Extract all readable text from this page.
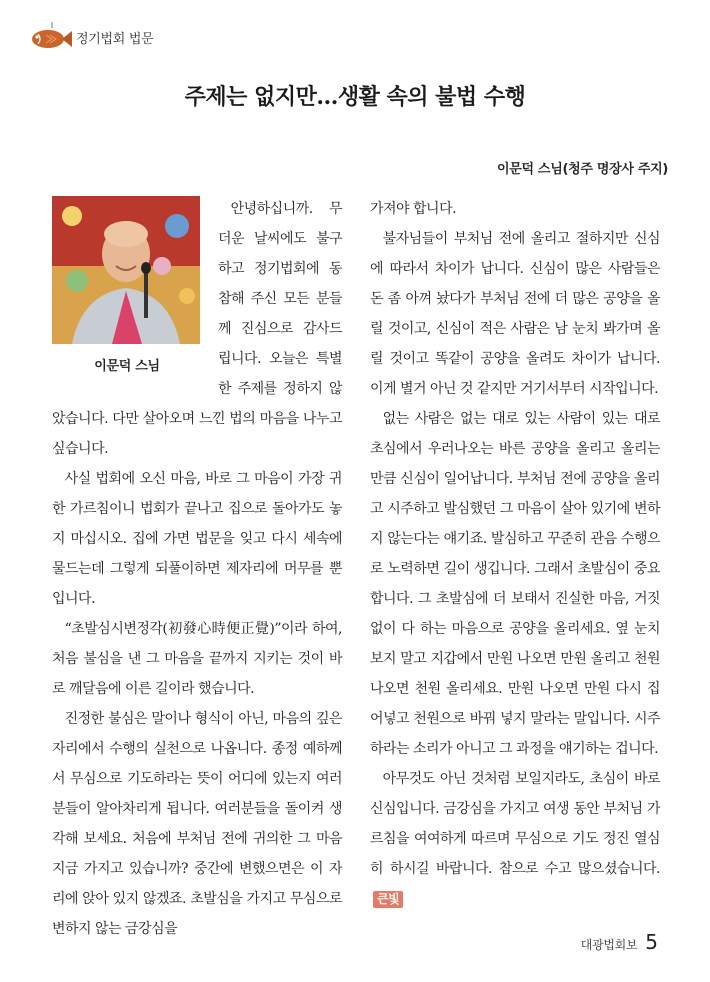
정기법회 법문
주제는 없지만…생활 속의 불법 수행
이문덕 스님(청주 명장사 주지)
이문덕 스님

안녕하십니까. 무더운 날씨에도 불구하고 정기법회에 동참해 주신 모든 분들께 진심으로 감사드립니다. 오늘은 특별한 주제를 정하지 않았습니다. 다만 살아오며 느낀 법의 마음을 나누고 싶습니다.

사실 법회에 오신 마음, 바로 그 마음이 가장 귀한 가르침이니 법회가 끝나고 집으로 돌아가도 놓지 마십시오. 집에 가면 법문을 잊고 다시 세속에 물드는데 그렇게 되풀이하면 제자리에 머무를 뿐입니다.

“초발심시변정각(初發心時便正覺)”이라 하여, 처음 불심을 낸 그 마음을 끝까지 지키는 것이 바로 깨달음에 이른 길이라 했습니다.

진정한 불심은 말이나 형식이 아닌, 마음의 깊은 자리에서 수행의 실천으로 나옵니다. 종정 예하께서 무심으로 기도하라는 뜻이 어디에 있는지 여러분들이 알아차리게 됩니다. 여러분들을 돌이켜 생각해 보세요. 처음에 부처님 전에 귀의한 그 마음 지금 가지고 있습니까? 중간에 변했으면은 이 자리에 앉아 있지 않겠죠. 초발심을 가지고 무심으로 변하지 않는 금강심을

가져야 합니다.

불자님들이 부처님 전에 올리고 절하지만 신심에 따라서 차이가 납니다. 신심이 많은 사람들은 돈 좀 아껴 놨다가 부처님 전에 더 많은 공양을 올릴 것이고, 신심이 적은 사람은 남 눈치 봐가며 올릴 것이고 똑같이 공양을 올려도 차이가 납니다. 이게 별거 아닌 것 같지만 거기서부터 시작입니다.

없는 사람은 없는 대로 있는 사람이 있는 대로 초심에서 우러나오는 바른 공양을 올리고 올리는 만큼 신심이 일어납니다. 부처님 전에 공양을 올리고 시주하고 발심했던 그 마음이 살아 있기에 변하지 않는다는 얘기죠. 발심하고 꾸준히 관음 수행으로 노력하면 길이 생깁니다. 그래서 초발심이 중요합니다. 그 초발심에 더 보태서 진실한 마음, 거짓 없이 다 하는 마음으로 공양을 올리세요. 옆 눈치 보지 말고 지갑에서 만원 나오면 만원 올리고 천원 나오면 천원 올리세요. 만원 나오면 만원 다시 집어넣고 천원으로 바꿔 넣지 말라는 말입니다. 시주하라는 소리가 아니고 그 과정을 얘기하는 겁니다.

아무것도 아닌 것처럼 보일지라도, 초심이 바로 신심입니다. 금강심을 가지고 여생 동안 부처님 가르침을 여여하게 따르며 무심으로 기도 정진 열심히 하시길 바랍니다. 참으로 수고 많으셨습니다.큰빛

대광법회보 5
